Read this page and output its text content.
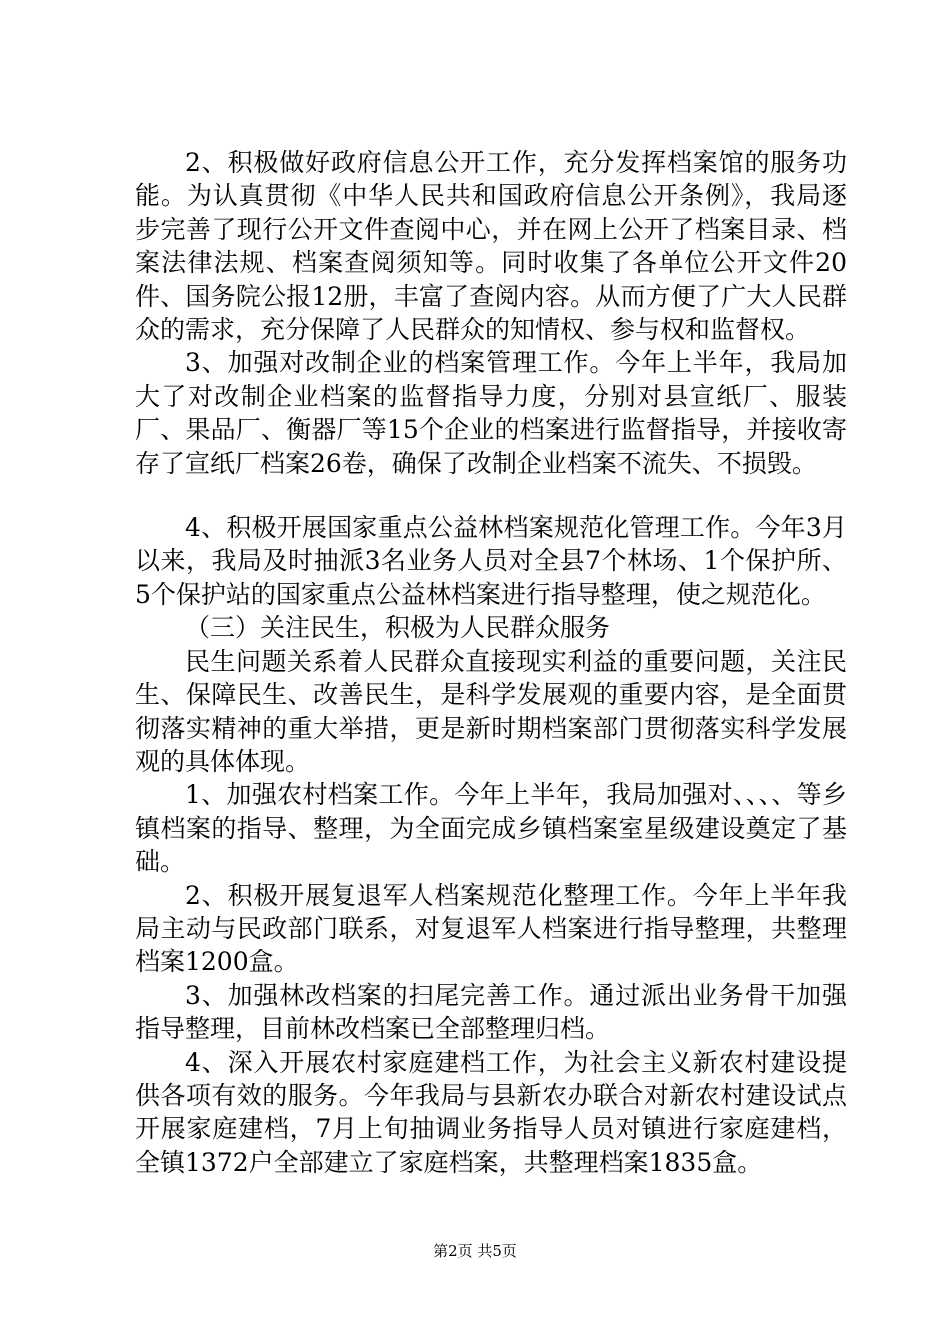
2、积极做好政府信息公开工作，充分发挥档案馆的服务功能。为认真贯彻《中华人民共和国政府信息公开条例》，我局逐步完善了现行公开文件查阅中心，并在网上公开了档案目录、档案法律法规、档案查阅须知等。同时收集了各单位公开文件20件、国务院公报12册，丰富了查阅内容。从而方便了广大人民群众的需求，充分保障了人民群众的知情权、参与权和监督权。

3、加强对改制企业的档案管理工作。今年上半年，我局加大了对改制企业档案的监督指导力度，分别对县宣纸厂、服装厂、果品厂、衡器厂等15个企业的档案进行监督指导，并接收寄存了宣纸厂档案26卷，确保了改制企业档案不流失、不损毁。

4、积极开展国家重点公益林档案规范化管理工作。今年3月以来，我局及时抽派3名业务人员对全县7个林场、1个保护所、5个保护站的国家重点公益林档案进行指导整理，使之规范化。

（三）关注民生，积极为人民群众服务

民生问题关系着人民群众直接现实利益的重要问题，关注民生、保障民生、改善民生，是科学发展观的重要内容，是全面贯彻落实精神的重大举措，更是新时期档案部门贯彻落实科学发展观的具体体现。

1、加强农村档案工作。今年上半年，我局加强对、、、、等乡镇档案的指导、整理，为全面完成乡镇档案室星级建设奠定了基础。

2、积极开展复退军人档案规范化整理工作。今年上半年我局主动与民政部门联系，对复退军人档案进行指导整理，共整理档案1200盒。

3、加强林改档案的扫尾完善工作。通过派出业务骨干加强指导整理，目前林改档案已全部整理归档。

4、深入开展农村家庭建档工作，为社会主义新农村建设提供各项有效的服务。今年我局与县新农办联合对新农村建设试点开展家庭建档，7月上旬抽调业务指导人员对镇进行家庭建档，全镇1372户全部建立了家庭档案，共整理档案1835盒。

第2页 共5页
